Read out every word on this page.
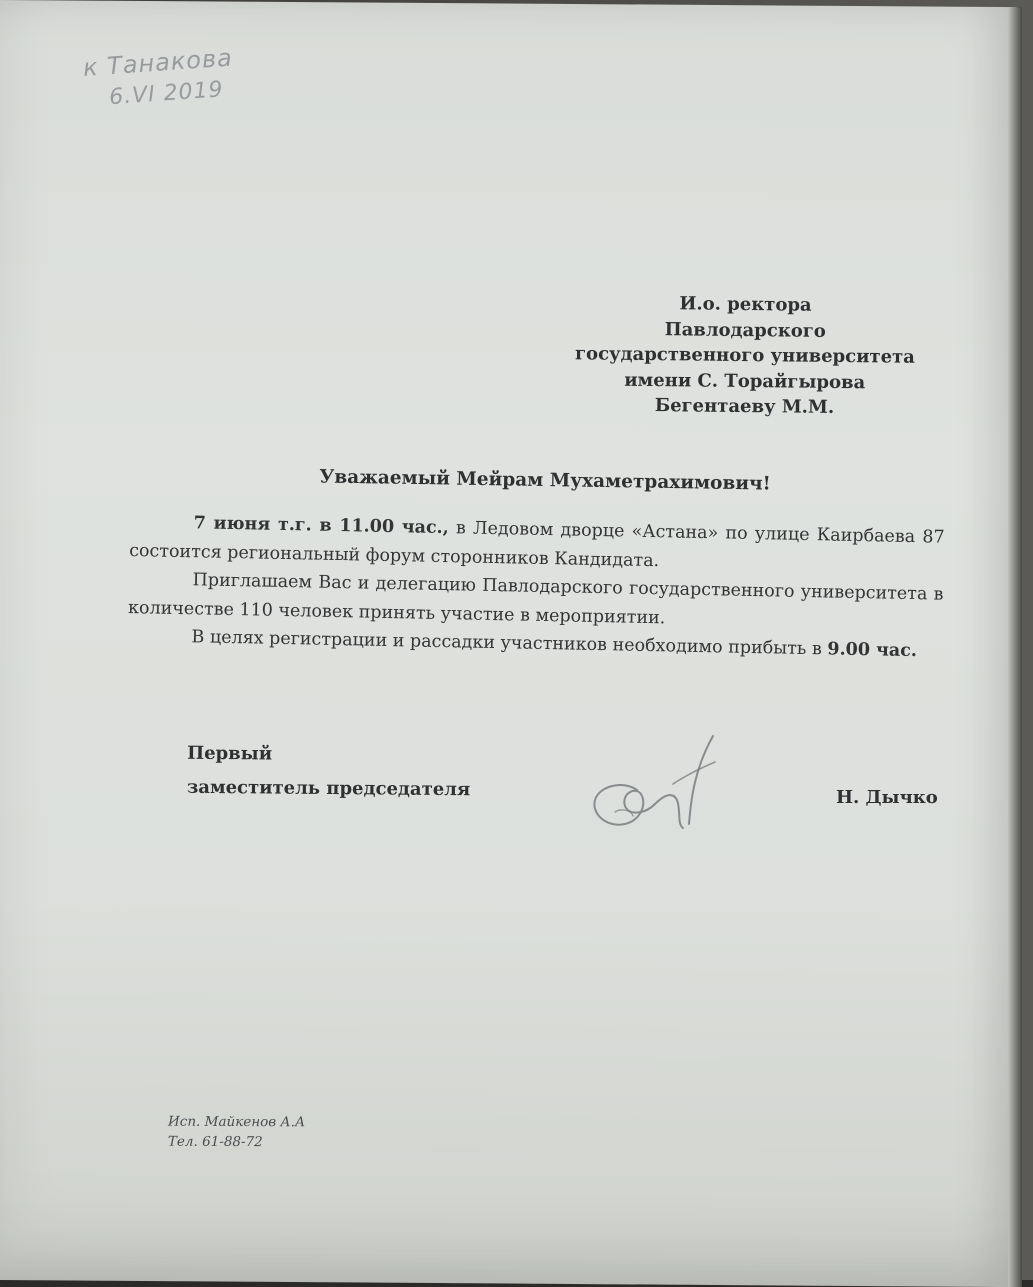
к Танакова
6.VI 2019
И.о. ректора
Павлодарского
государственного университета
имени С. Торайгырова
Бегентаеву М.М.
Уважаемый Мейрам Мухаметрахимович!

7 июня т.г. в 11.00 час., в Ледовом дворце «Астана» по улице Каирбаева 87 состоится региональный форум сторонников Кандидата.

Приглашаем Вас и делегацию Павлодарского государственного университета в количестве 110 человек принять участие в мероприятии.

В целях регистрации и рассадки участников необходимо прибыть в 9.00 час.

Первый
заместитель председателя	Н. Дычко
Исп. Майкенов А.А
Тел. 61-88-72
